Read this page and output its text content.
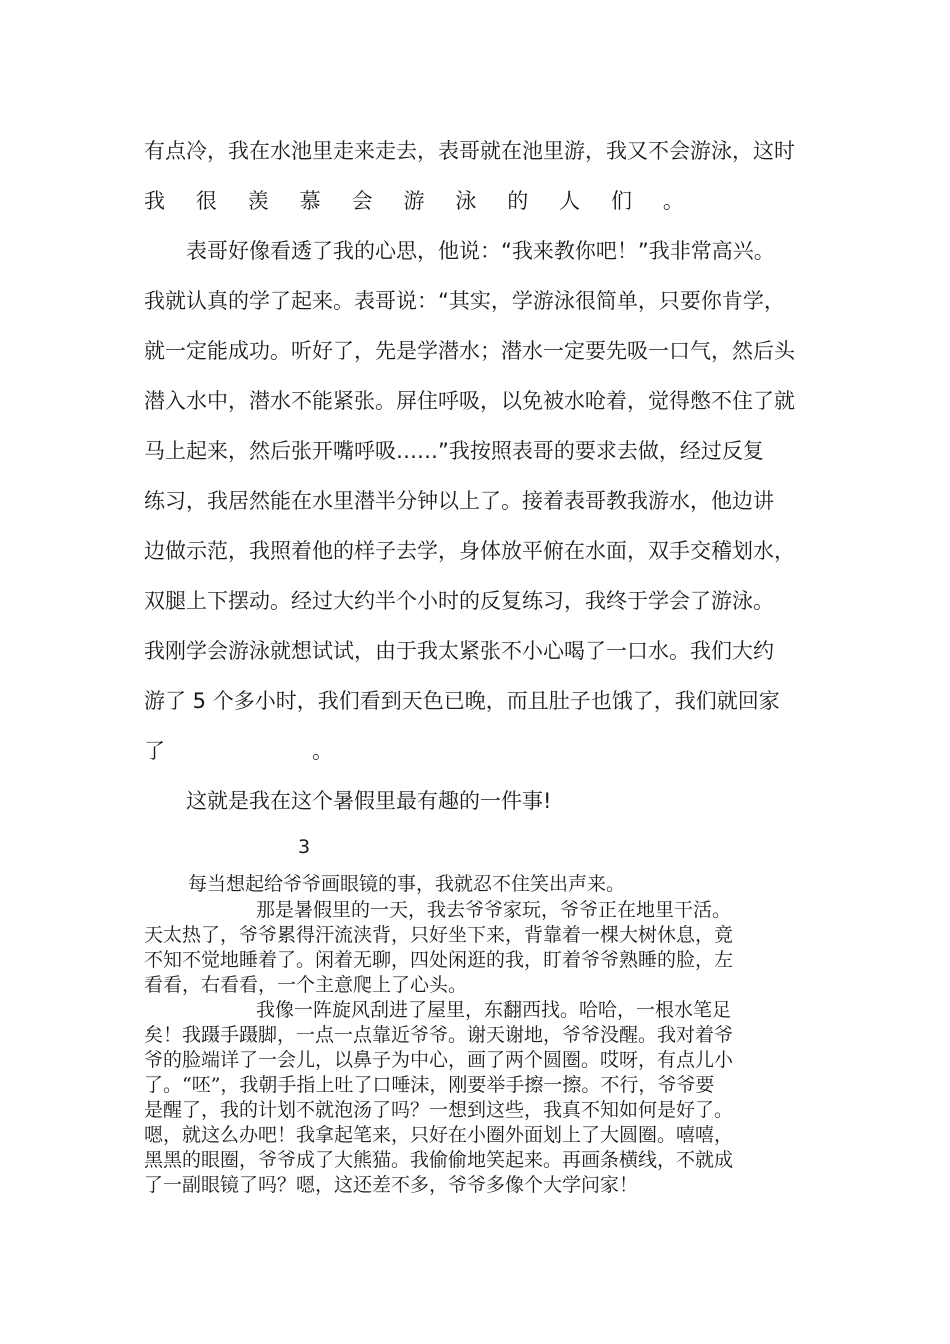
有点冷，我在水池里走来走去，表哥就在池里游，我又不会游泳，这时
我 很 羡 慕 会 游 泳 的 人 们 。
表哥好像看透了我的心思，他说：“我来教你吧！”我非常高兴。
我就认真的学了起来。表哥说：“其实，学游泳很简单，只要你肯学，
就一定能成功。听好了，先是学潜水；潜水一定要先吸一口气，然后头
潜入水中，潜水不能紧张。屏住呼吸，以免被水呛着，觉得憋不住了就
马上起来，然后张开嘴呼吸……”我按照表哥的要求去做，经过反复
练习，我居然能在水里潜半分钟以上了。接着表哥教我游水，他边讲
边做示范，我照着他的样子去学，身体放平俯在水面，双手交稽划水，
双腿上下摆动。经过大约半个小时的反复练习，我终于学会了游泳。
我刚学会游泳就想试试，由于我太紧张不小心喝了一口水。我们大约
游了 5 个多小时，我们看到天色已晚，而且肚子也饿了，我们就回家
了	。
这就是我在这个暑假里最有趣的一件事!
3
每当想起给爷爷画眼镜的事，我就忍不住笑出声来。
那是暑假里的一天，我去爷爷家玩，爷爷正在地里干活。
天太热了，爷爷累得汗流浃背，只好坐下来，背靠着一棵大树休息，竟
不知不觉地睡着了。闲着无聊，四处闲逛的我，盯着爷爷熟睡的脸，左
看看，右看看，一个主意爬上了心头。
我像一阵旋风刮进了屋里，东翻西找。哈哈，一根水笔足
矣！我蹑手蹑脚，一点一点靠近爷爷。谢天谢地，爷爷没醒。我对着爷
爷的脸端详了一会儿，以鼻子为中心，画了两个圆圈。哎呀，有点儿小
了。“呸”，我朝手指上吐了口唾沫，刚要举手擦一擦。不行，爷爷要
是醒了，我的计划不就泡汤了吗？一想到这些，我真不知如何是好了。
嗯，就这么办吧！我拿起笔来，只好在小圈外面划上了大圆圈。嘻嘻，
黑黑的眼圈，爷爷成了大熊猫。我偷偷地笑起来。再画条横线，不就成
了一副眼镜了吗？嗯，这还差不多，爷爷多像个大学问家！
